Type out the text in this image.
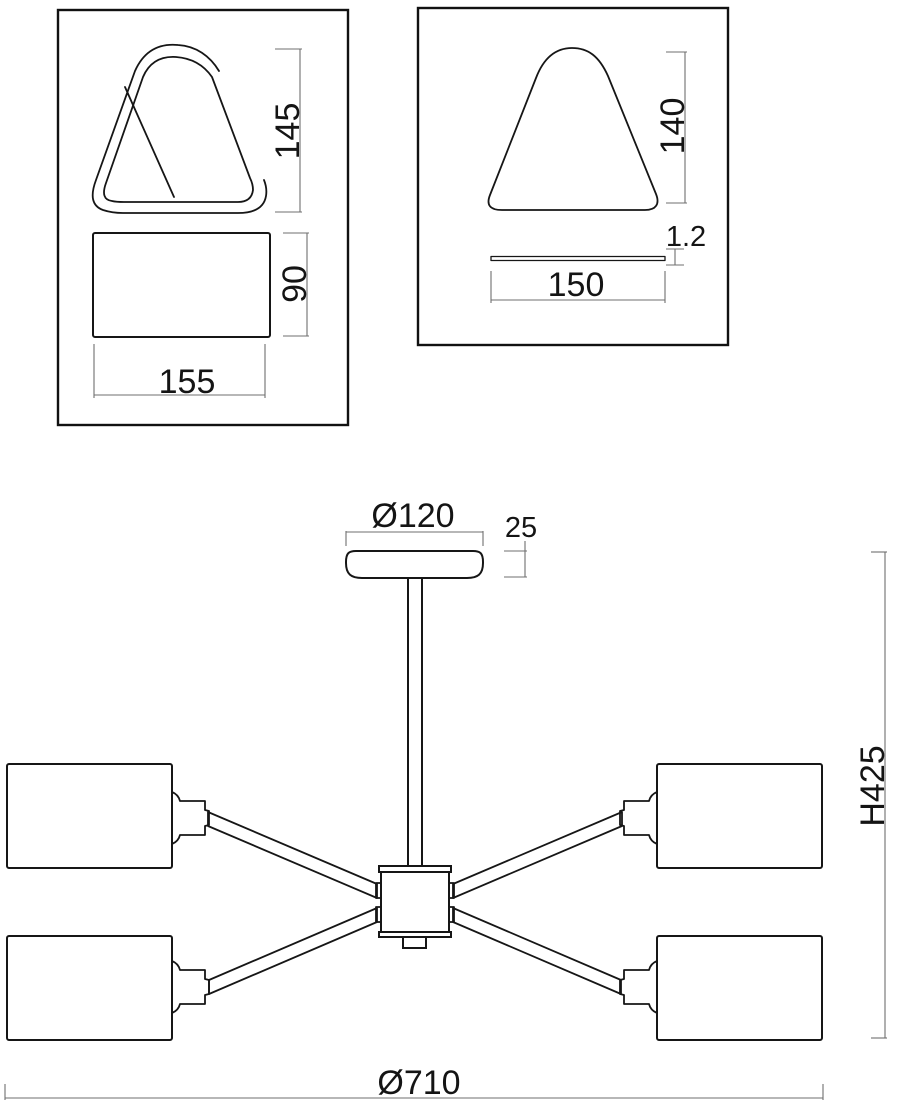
145
90
155
140
1.2
150
Ø120 25
H425
Ø710
